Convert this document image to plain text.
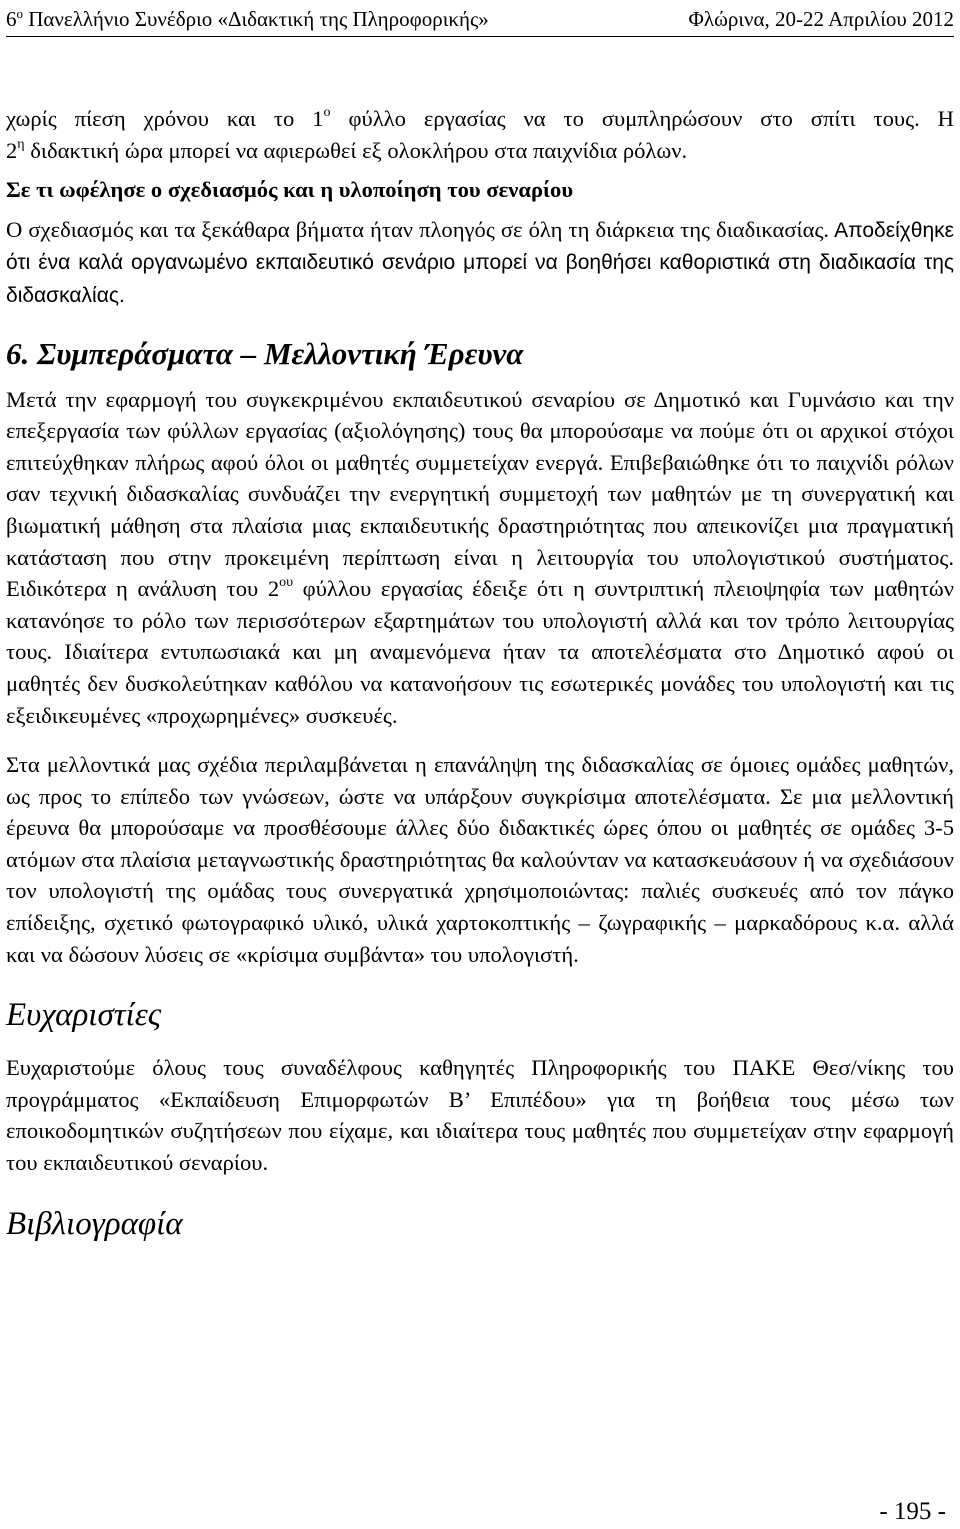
$6^o$ Πανελλήνιο Συνέδριο «Διδακτική της Πληροφορικής»	Φλώρινα, 20-22 Απριλίου 2012

χωρίς πίεση χρόνου και το $1^o$ φύλλο εργασίας να το συμπληρώσουν στο σπίτι τους. Η
$2^\eta$ διδακτική ώρα μπορεί να αφιερωθεί εξ ολοκλήρου στα παιχνίδια ρόλων.

Σε τι ωφέλησε ο σχεδιασμός και η υλοποίηση του σεναρίου

Ο σχεδιασμός και τα ξεκάθαρα βήματα ήταν πλοηγός σε όλη τη διάρκεια της διαδικασίας. Αποδείχθηκε ότι ένα καλά οργανωμένο εκπαιδευτικό σενάριο μπορεί να βοηθήσει καθοριστικά στη διαδικασία της διδασκαλίας.

6. Συμπεράσματα – Μελλοντική Έρευνα

Μετά την εφαρμογή του συγκεκριμένου εκπαιδευτικού σεναρίου σε Δημοτικό και Γυμνάσιο και την επεξεργασία των φύλλων εργασίας (αξιολόγησης) τους θα μπορούσαμε να πούμε ότι οι αρχικοί στόχοι επιτεύχθηκαν πλήρως αφού όλοι οι μαθητές συμμετείχαν ενεργά. Επιβεβαιώθηκε ότι το παιχνίδι ρόλων σαν τεχνική διδασκαλίας συνδυάζει την ενεργητική συμμετοχή των μαθητών με τη συνεργατική και βιωματική μάθηση στα πλαίσια μιας εκπαιδευτικής δραστηριότητας που απεικονίζει μια πραγματική κατάσταση που στην προκειμένη περίπτωση είναι η λειτουργία του υπολογιστικού συστήματος. Ειδικότερα η ανάλυση του $2^{o\upsilon}$ φύλλου εργασίας έδειξε ότι η συντριπτική πλειοψηφία των μαθητών κατανόησε το ρόλο των περισσότερων εξαρτημάτων του υπολογιστή αλλά και τον τρόπο λειτουργίας τους. Ιδιαίτερα εντυπωσιακά και μη αναμενόμενα ήταν τα αποτελέσματα στο Δημοτικό αφού οι μαθητές δεν δυσκολεύτηκαν καθόλου να κατανοήσουν τις εσωτερικές μονάδες του υπολογιστή και τις εξειδικευμένες «προχωρημένες» συσκευές.

Στα μελλοντικά μας σχέδια περιλαμβάνεται η επανάληψη της διδασκαλίας σε όμοιες ομάδες μαθητών, ως προς το επίπεδο των γνώσεων, ώστε να υπάρξουν συγκρίσιμα αποτελέσματα. Σε μια μελλοντική έρευνα θα μπορούσαμε να προσθέσουμε άλλες δύο διδακτικές ώρες όπου οι μαθητές σε ομάδες 3-5 ατόμων στα πλαίσια μεταγνωστικής δραστηριότητας θα καλούνταν να κατασκευάσουν ή να σχεδιάσουν τον υπολογιστή της ομάδας τους συνεργατικά χρησιμοποιώντας: παλιές συσκευές από τον πάγκο επίδειξης, σχετικό φωτογραφικό υλικό, υλικά χαρτοκοπτικής – ζωγραφικής – μαρκαδόρους κ.α. αλλά και να δώσουν λύσεις σε «κρίσιμα συμβάντα» του υπολογιστή.

Ευχαριστίες

Ευχαριστούμε όλους τους συναδέλφους καθηγητές Πληροφορικής του ΠΑΚΕ Θεσ/νίκης του προγράμματος «Εκπαίδευση Επιμορφωτών Β’ Επιπέδου» για τη βοήθεια τους μέσω των εποικοδομητικών συζητήσεων που είχαμε, και ιδιαίτερα τους μαθητές που συμμετείχαν στην εφαρμογή του εκπαιδευτικού σεναρίου.

Βιβλιογραφία
- 195 -
